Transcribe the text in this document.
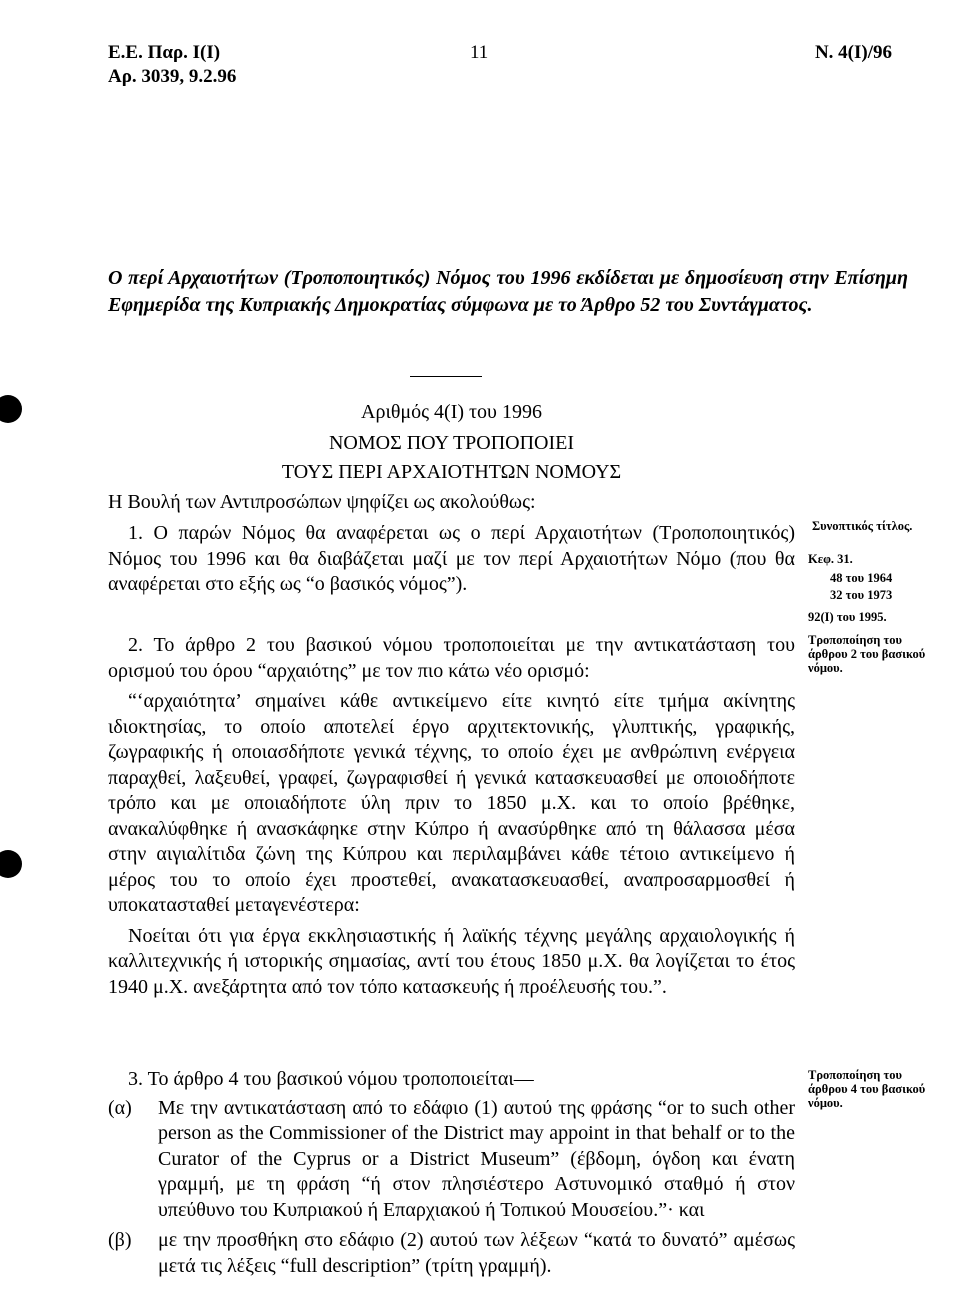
Ε.Ε. Παρ. Ι(Ι)
Αρ. 3039, 9.2.96
11	Ν. 4(Ι)/96
Ο περί Αρχαιοτήτων (Τροποποιητικός) Νόμος του 1996 εκδίδεται με δημοσίευση στην Επίσημη Εφημερίδα της Κυπριακής Δημοκρατίας σύμφωνα με το Άρθρο 52 του Συντάγματος.
Αριθμός 4(Ι) του 1996
ΝΟΜΟΣ ΠΟΥ ΤΡΟΠΟΠΟΙΕΙ
ΤΟΥΣ ΠΕΡΙ ΑΡΧΑΙΟΤΗΤΩΝ ΝΟΜΟΥΣ
Η Βουλή των Αντιπροσώπων ψηφίζει ως ακολούθως:
1. Ο παρών Νόμος θα αναφέρεται ως ο περί Αρχαιοτήτων (Τροποποιητικός) Νόμος του 1996 και θα διαβάζεται μαζί με τον περί Αρχαιοτήτων Νόμο (που θα αναφέρεται στο εξής ως “ο βασικός νόμος”).
Συνοπτικός τίτλος.
Κεφ. 31.
48 του 1964
32 του 1973
92(Ι) του 1995.

2. Το άρθρο 2 του βασικού νόμου τροποποιείται με την αντικατάσταση του ορισμού του όρου “αρχαιότης” με τον πιο κάτω νέο ορισμό:

“‘αρχαιότητα’ σημαίνει κάθε αντικείμενο είτε κινητό είτε τμήμα ακίνητης ιδιοκτησίας, το οποίο αποτελεί έργο αρχιτεκτονικής, γλυπτικής, γραφικής, ζωγραφικής ή οποιασδήποτε γενικά τέχνης, το οποίο έχει με ανθρώπινη ενέργεια παραχθεί, λαξευθεί, γραφεί, ζωγραφισθεί ή γενικά κατασκευασθεί με οποιοδήποτε τρόπο και με οποιαδήποτε ύλη πριν το 1850 μ.Χ. και το οποίο βρέθηκε, ανακαλύφθηκε ή ανασκάφηκε στην Κύπρο ή ανασύρθηκε από τη θάλασσα μέσα στην αιγιαλίτιδα ζώνη της Κύπρου και περιλαμβάνει κάθε τέτοιο αντικείμενο ή μέρος του το οποίο έχει προστεθεί, ανακατασκευασθεί, αναπροσαρμοσθεί ή υποκατασταθεί μεταγενέστερα:

Νοείται ότι για έργα εκκλησιαστικής ή λαϊκής τέχνης μεγάλης αρχαιολογικής ή καλλιτεχνικής ή ιστορικής σημασίας, αντί του έτους 1850 μ.Χ. θα λογίζεται το έτος 1940 μ.Χ. ανεξάρτητα από τον τόπο κατασκευής ή προέλευσής του.”.

Τροποποίηση του άρθρου 2 του βασικού νόμου.

3. Το άρθρο 4 του βασικού νόμου τροποποιείται—

(α) Με την αντικατάσταση από το εδάφιο (1) αυτού της φράσης “or to such other person as the Commissioner of the District may appoint in that behalf or to the Curator of the Cyprus or a District Museum” (έβδομη, όγδοη και ένατη γραμμή, με τη φράση “ή στον πλησιέστερο Αστυνομικό σταθμό ή στον υπεύθυνο του Κυπριακού ή Επαρχιακού ή Τοπικού Μουσείου.”· και
(β) με την προσθήκη στο εδάφιο (2) αυτού των λέξεων “κατά το δυνατό” αμέσως μετά τις λέξεις “full description” (τρίτη γραμμή).
Τροποποίηση του άρθρου 4 του βασικού νόμου.
